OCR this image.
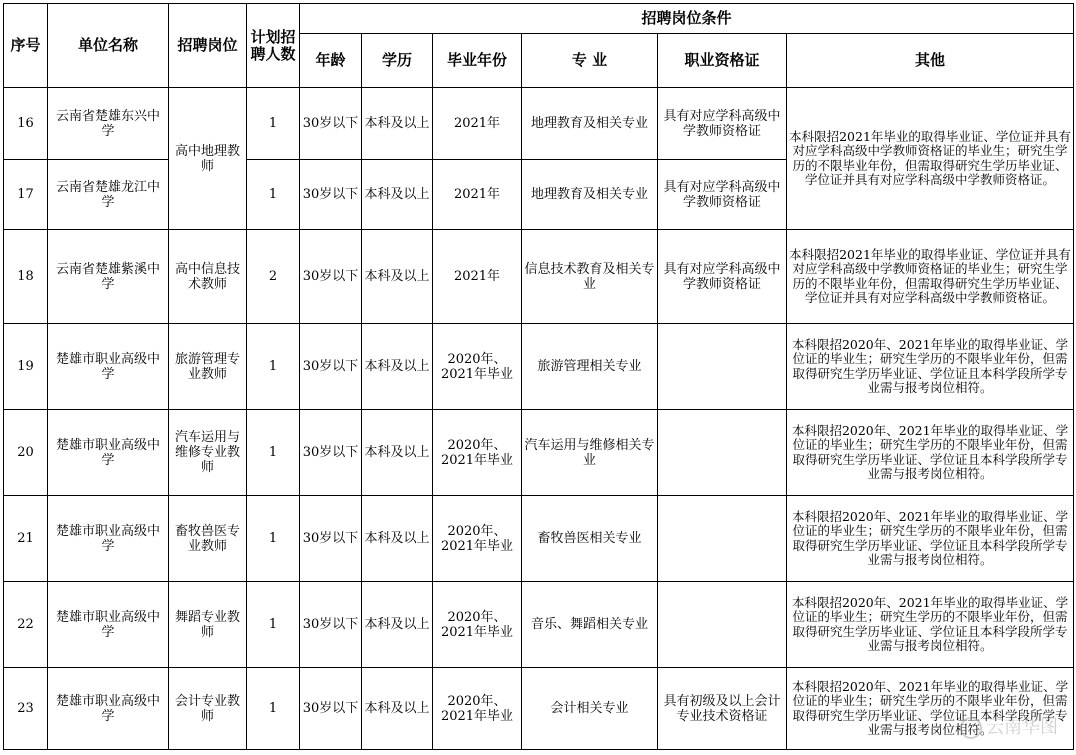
序号	单位名称	招聘岗位	计划招聘人数	招聘岗位条件					
				年龄	学历	毕业年份	专 业	职业资格证	其他
16	云南省楚雄东兴中学	高中地理教师	1	30岁以下	本科及以上	2021年	地理教育及相关专业	具有对应学科高级中学教师资格证	本科限招2021年毕业的取得毕业证、学位证并具有对应学科高级中学教师资格证的毕业生；研究生学历的不限毕业年份，但需取得研究生学历毕业证、学位证并具有对应学科高级中学教师资格证。
17	云南省楚雄龙江中学		1	30岁以下	本科及以上	2021年	地理教育及相关专业	具有对应学科高级中学教师资格证	
18	云南省楚雄紫溪中学	高中信息技术教师	2	30岁以下	本科及以上	2021年	信息技术教育及相关专业	具有对应学科高级中学教师资格证	本科限招2021年毕业的取得毕业证、学位证并具有对应学科高级中学教师资格证的毕业生；研究生学历的不限毕业年份，但需取得研究生学历毕业证、学位证并具有对应学科高级中学教师资格证。
19	楚雄市职业高级中学	旅游管理专业教师	1	30岁以下	本科及以上	2020年、2021年毕业	旅游管理相关专业		本科限招2020年、2021年毕业的取得毕业证、学位证的毕业生；研究生学历的不限毕业年份，但需取得研究生学历毕业证、学位证且本科学段所学专业需与报考岗位相符。
20	楚雄市职业高级中学	汽车运用与维修专业教师	1	30岁以下	本科及以上	2020年、2021年毕业	汽车运用与维修相关专业		本科限招2020年、2021年毕业的取得毕业证、学位证的毕业生；研究生学历的不限毕业年份，但需取得研究生学历毕业证、学位证且本科学段所学专业需与报考岗位相符。
21	楚雄市职业高级中学	畜牧兽医专业教师	1	30岁以下	本科及以上	2020年、2021年毕业	畜牧兽医相关专业		本科限招2020年、2021年毕业的取得毕业证、学位证的毕业生；研究生学历的不限毕业年份，但需取得研究生学历毕业证、学位证且本科学段所学专业需与报考岗位相符。
22	楚雄市职业高级中学	舞蹈专业教师	1	30岁以下	本科及以上	2020年、2021年毕业	音乐、舞蹈相关专业		本科限招2020年、2021年毕业的取得毕业证、学位证的毕业生；研究生学历的不限毕业年份，但需取得研究生学历毕业证、学位证且本科学段所学专业需与报考岗位相符。
23	楚雄市职业高级中学	会计专业教师	1	30岁以下	本科及以上	2020年、2021年毕业	会计相关专业	具有初级及以上会计专业技术资格证	本科限招2020年、2021年毕业的取得毕业证、学位证的毕业生；研究生学历的不限毕业年份，但需取得研究生学历毕业证、学位证且本科学段所学专业需与报考岗位相符。
云南华图
